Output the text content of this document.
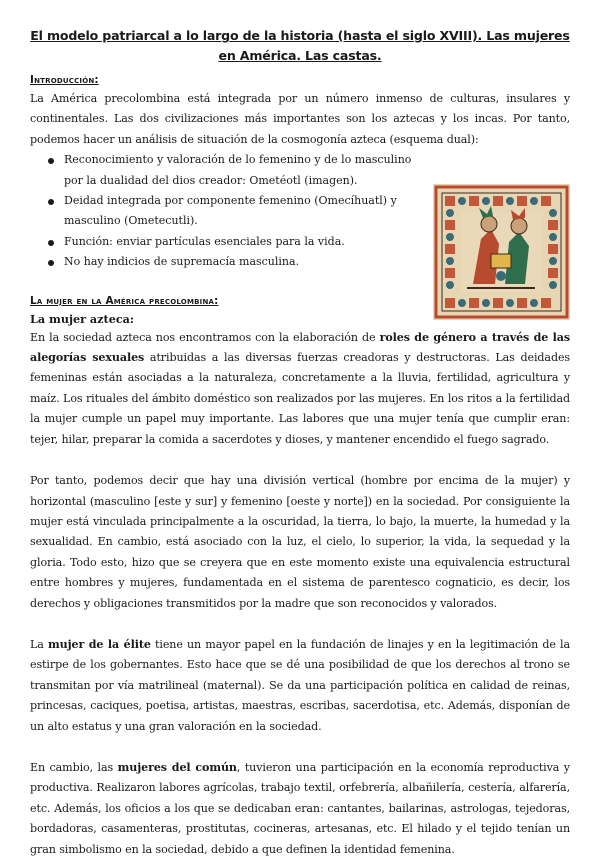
El modelo patriarcal a lo largo de la historia (hasta el siglo XVIII). Las mujeres en América. Las castas.
Introducción:

La América precolombina está integrada por un número inmenso de culturas, insulares y continentales. Las dos civilizaciones más importantes son los aztecas y los incas. Por tanto, podemos hacer un análisis de situación de la cosmogonía azteca (esquema dual):

Reconocimiento y valoración de lo femenino y de lo masculino por la dualidad del dios creador: Ometéotl (imagen).
Deidad integrada por componente femenino (Omecíhuatl) y masculino (Ometecutli).
Función: enviar partículas esenciales para la vida.
No hay indicios de supremacía masculina.
La mujer en la América precolombina:
La mujer azteca:

En la sociedad azteca nos encontramos con la elaboración de roles de género a través de las alegorías sexuales atribuidas a las diversas fuerzas creadoras y destructoras. Las deidades femeninas están asociadas a la naturaleza, concretamente a la lluvia, fertilidad, agricultura y maíz. Los rituales del ámbito doméstico son realizados por las mujeres. En los ritos a la fertilidad la mujer cumple un papel muy importante. Las labores que una mujer tenía que cumplir eran: tejer, hilar, preparar la comida a sacerdotes y dioses, y mantener encendido el fuego sagrado.

Por tanto, podemos decir que hay una división vertical (hombre por encima de la mujer) y horizontal (masculino [este y sur] y femenino [oeste y norte]) en la sociedad. Por consiguiente la mujer está vinculada principalmente a la oscuridad, la tierra, lo bajo, la muerte, la humedad y la sexualidad. En cambio, está asociado con la luz, el cielo, lo superior, la vida, la sequedad y la gloria. Todo esto, hizo que se creyera que en este momento existe una equivalencia estructural entre hombres y mujeres, fundamentada en el sistema de parentesco cognaticio, es decir, los derechos y obligaciones transmitidos por la madre que son reconocidos y valorados.

La mujer de la élite tiene un mayor papel en la fundación de linajes y en la legitimación de la estirpe de los gobernantes. Esto hace que se dé una posibilidad de que los derechos al trono se transmitan por vía matrilineal (maternal). Se da una participación política en calidad de reinas, princesas, caciques, poetisa, artistas, maestras, escribas, sacerdotisa, etc. Además, disponían de un alto estatus y una gran valoración en la sociedad.

En cambio, las mujeres del común, tuvieron una participación en la economía reproductiva y productiva. Realizaron labores agrícolas, trabajo textil, orfebrería, albañilería, cestería, alfarería, etc. Además, los oficios a los que se dedicaban eran: cantantes, bailarinas, astrologas, tejedoras, bordadoras, casamenteras, prostitutas, cocineras, artesanas, etc. El hilado y el tejido tenían un gran simbolismo en la sociedad, debido a que definen la identidad femenina.
